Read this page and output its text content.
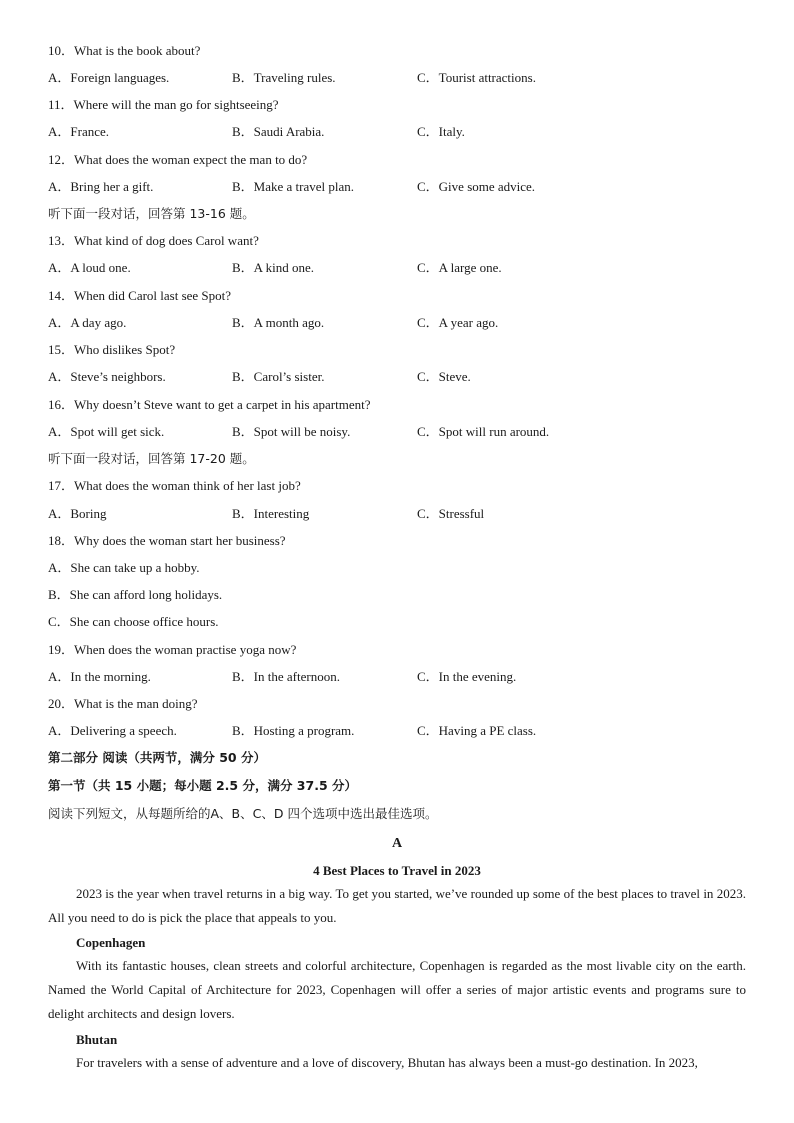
10．What is the book about?
A．Foreign languages.	B．Traveling rules.	C．Tourist attractions.
11．Where will the man go for sightseeing?
A．France.	B．Saudi Arabia.	C．Italy.
12．What does the woman expect the man to do?
A．Bring her a gift.	B．Make a travel plan.	C．Give some advice.
听下面一段对话，回答第 13-16 题。
13．What kind of dog does Carol want?
A．A loud one.	B．A kind one.	C．A large one.
14．When did Carol last see Spot?
A．A day ago.	B．A month ago.	C．A year ago.
15．Who dislikes Spot?
A．Steve’s neighbors.	B．Carol’s sister.	C．Steve.
16．Why doesn’t Steve want to get a carpet in his apartment?
A．Spot will get sick.	B．Spot will be noisy.	C．Spot will run around.
听下面一段对话，回答第 17-20 题。
17．What does the woman think of her last job?
A．Boring	B．Interesting	C．Stressful
18．Why does the woman start her business?
A．She can take up a hobby.
B．She can afford long holidays.
C．She can choose office hours.
19．When does the woman practise yoga now?
A．In the morning.	B．In the afternoon.	C．In the evening.
20．What is the man doing?
A．Delivering a speech.	B．Hosting a program.	C．Having a PE class.
第二部分 阅读（共两节，满分 50 分）
第一节（共 15 小题；每小题 2.5 分，满分 37.5 分）
阅读下列短文，从每题所给的A、B、C、D 四个选项中选出最佳选项。
A
4 Best Places to Travel in 2023
2023 is the year when travel returns in a big way. To get you started, we’ve rounded up some of the best places to travel in 2023. All you need to do is pick the place that appeals to you.
Copenhagen
With its fantastic houses, clean streets and colorful architecture, Copenhagen is regarded as the most livable city on the earth. Named the World Capital of Architecture for 2023, Copenhagen will offer a series of major artistic events and programs sure to delight architects and design lovers.
Bhutan
For travelers with a sense of adventure and a love of discovery, Bhutan has always been a must-go destination. In 2023,
